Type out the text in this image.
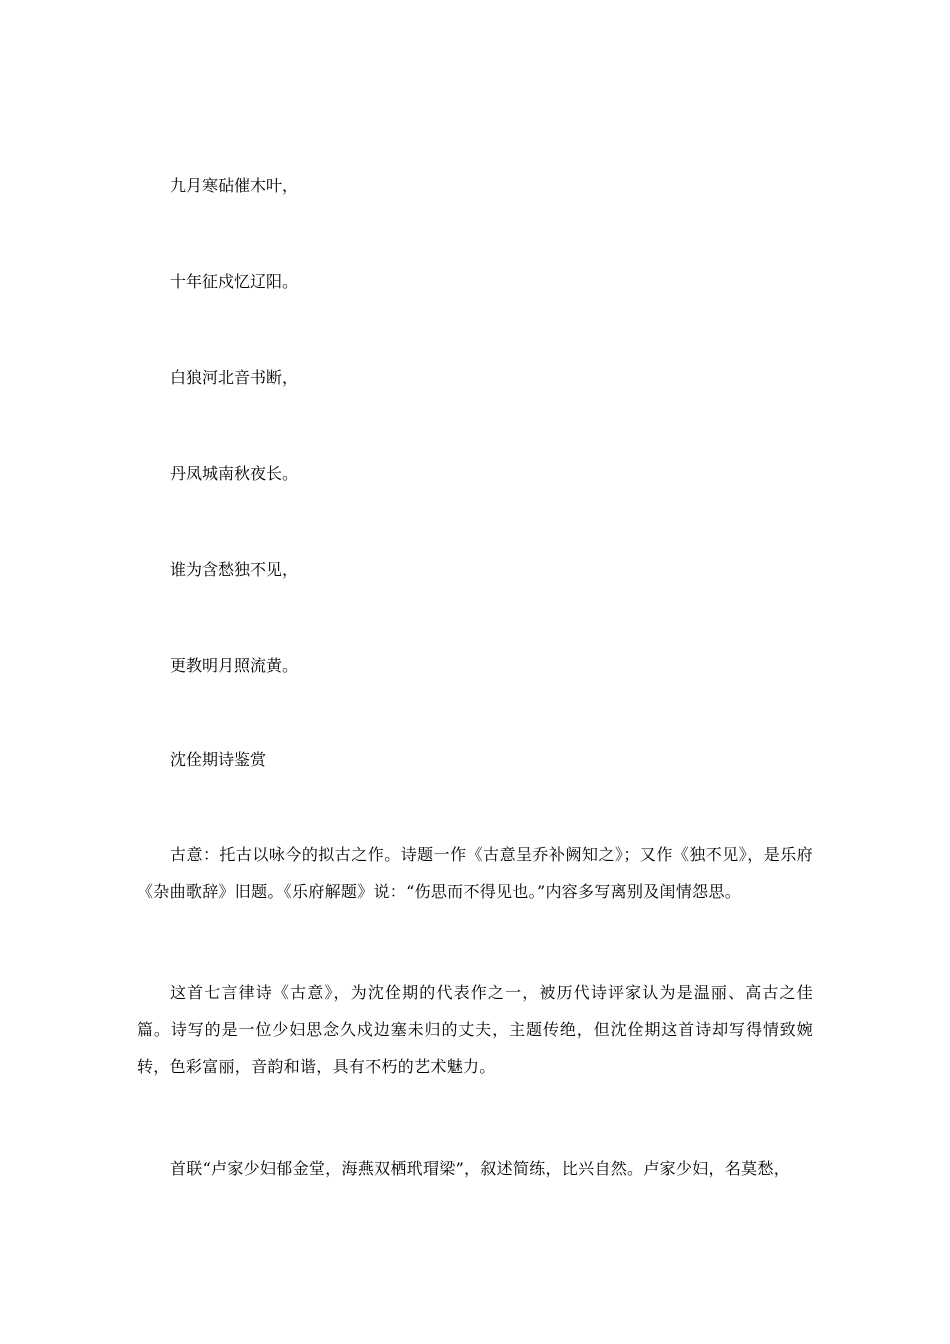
九月寒砧催木叶，

十年征戍忆辽阳。

白狼河北音书断，

丹凤城南秋夜长。

谁为含愁独不见，

更教明月照流黄。

沈佺期诗鉴赏

古意：托古以咏今的拟古之作。诗题一作《古意呈乔补阙知之》；又作《独不见》，是乐府《杂曲歌辞》旧题。《乐府解题》说：“伤思而不得见也。”内容多写离别及闺情怨思。

这首七言律诗《古意》，为沈佺期的代表作之一，被历代诗评家认为是温丽、高古之佳篇。诗写的是一位少妇思念久戍边塞未归的丈夫，主题传绝，但沈佺期这首诗却写得情致婉转，色彩富丽，音韵和谐，具有不朽的艺术魅力。

首联“卢家少妇郁金堂，海燕双栖玳瑁梁”，叙述简练，比兴自然。卢家少妇，名莫愁，
